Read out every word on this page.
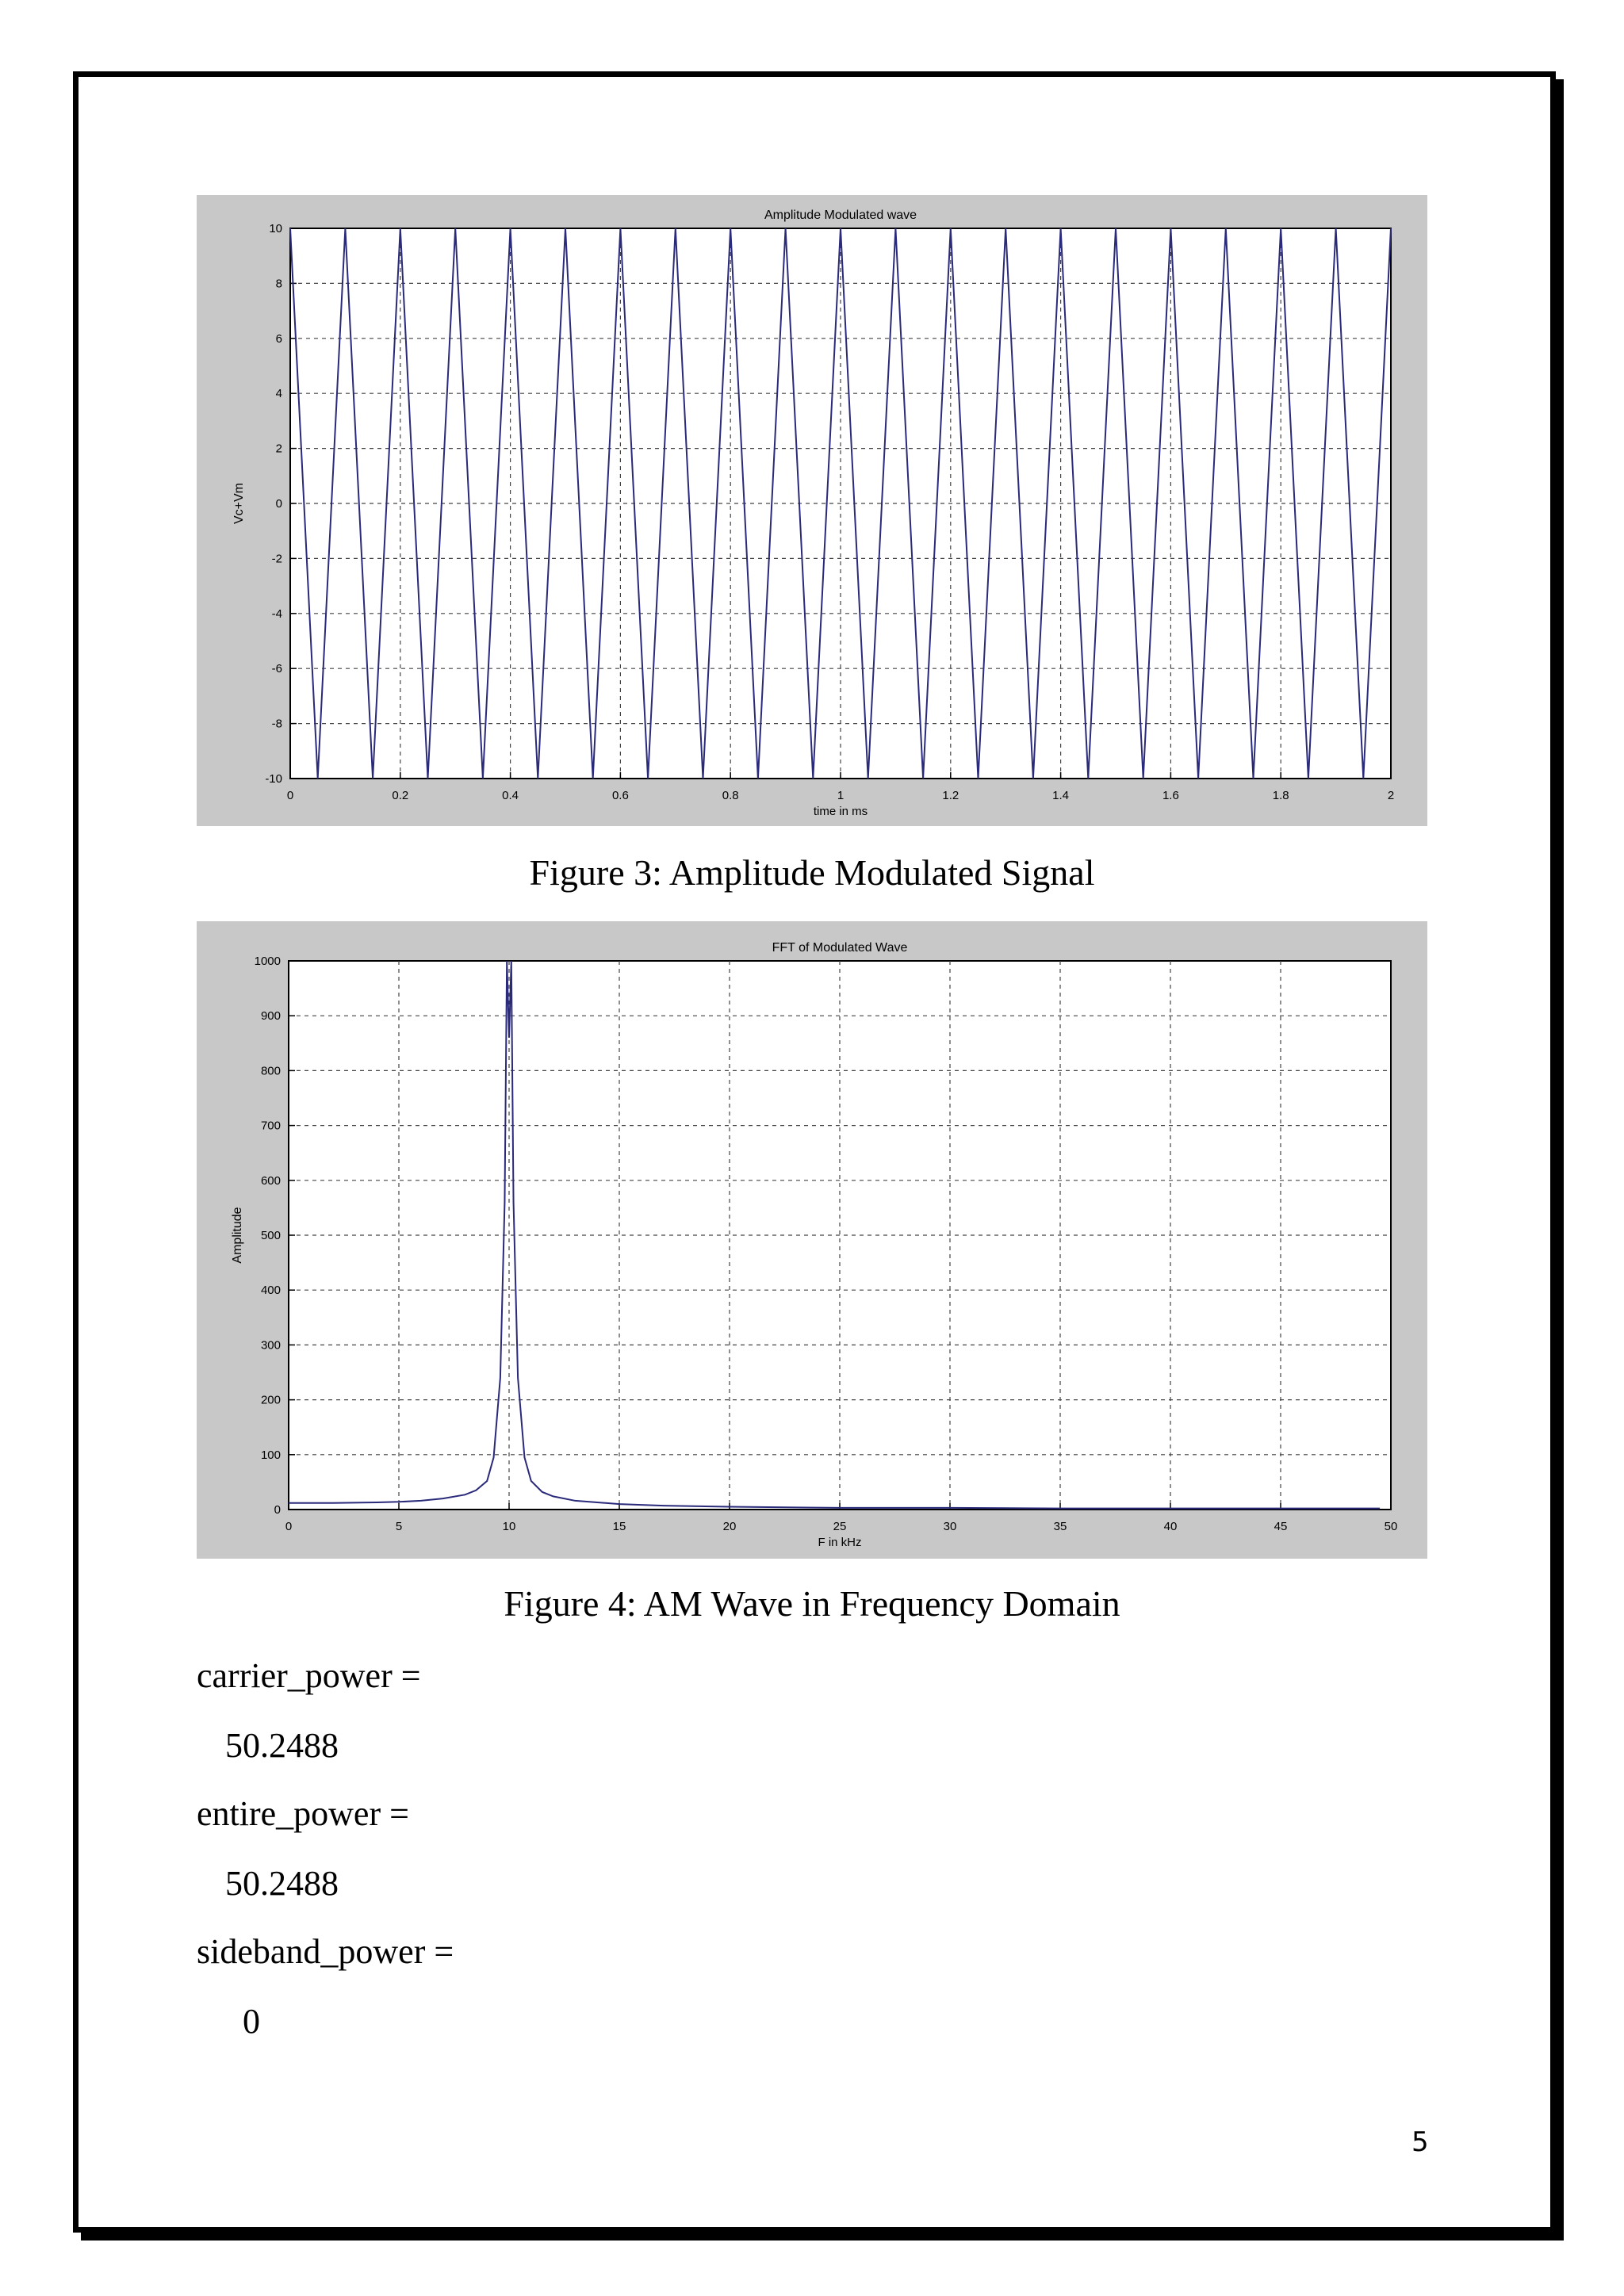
0	0.2	0.4	0.6	0.8	1	1.2	1.4	1.6	1.8	2
-10
-8
-6
-4
-2
0
2
4
6
8
10
Amplitude Modulated wave
time in ms
Vc+Vm
Figure 3: Amplitude Modulated Signal
0	5	10	15	20	25	30	35	40	45	50
0
100
200
300
400
500
600
700
800
900
1000
FFT of Modulated Wave
F in kHz
Amplitude
Figure 4: AM Wave in Frequency Domain
carrier_power =
50.2488
entire_power =
50.2488
sideband_power =
0
5
